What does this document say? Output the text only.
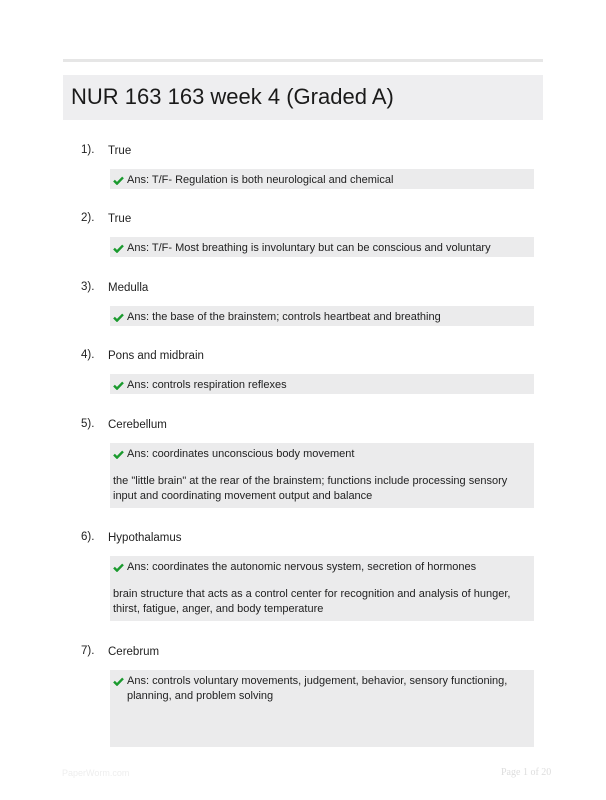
NUR 163 163 week 4 (Graded A)
1). True
Ans: T/F- Regulation is both neurological and chemical
2). True
Ans: T/F- Most breathing is involuntary but can be conscious and voluntary
3). Medulla
Ans: the base of the brainstem; controls heartbeat and breathing
4). Pons and midbrain
Ans: controls respiration reflexes
5). Cerebellum
Ans: coordinates unconscious body movement
the "little brain" at the rear of the brainstem; functions include processing sensory input and coordinating movement output and balance
6). Hypothalamus
Ans: coordinates the autonomic nervous system, secretion of hormones
brain structure that acts as a control center for recognition and analysis of hunger, thirst, fatigue, anger, and body temperature
7). Cerebrum
Ans: controls voluntary movements, judgement, behavior, sensory functioning, planning, and problem solving
PaperWorm.com	Page 1 of 20
